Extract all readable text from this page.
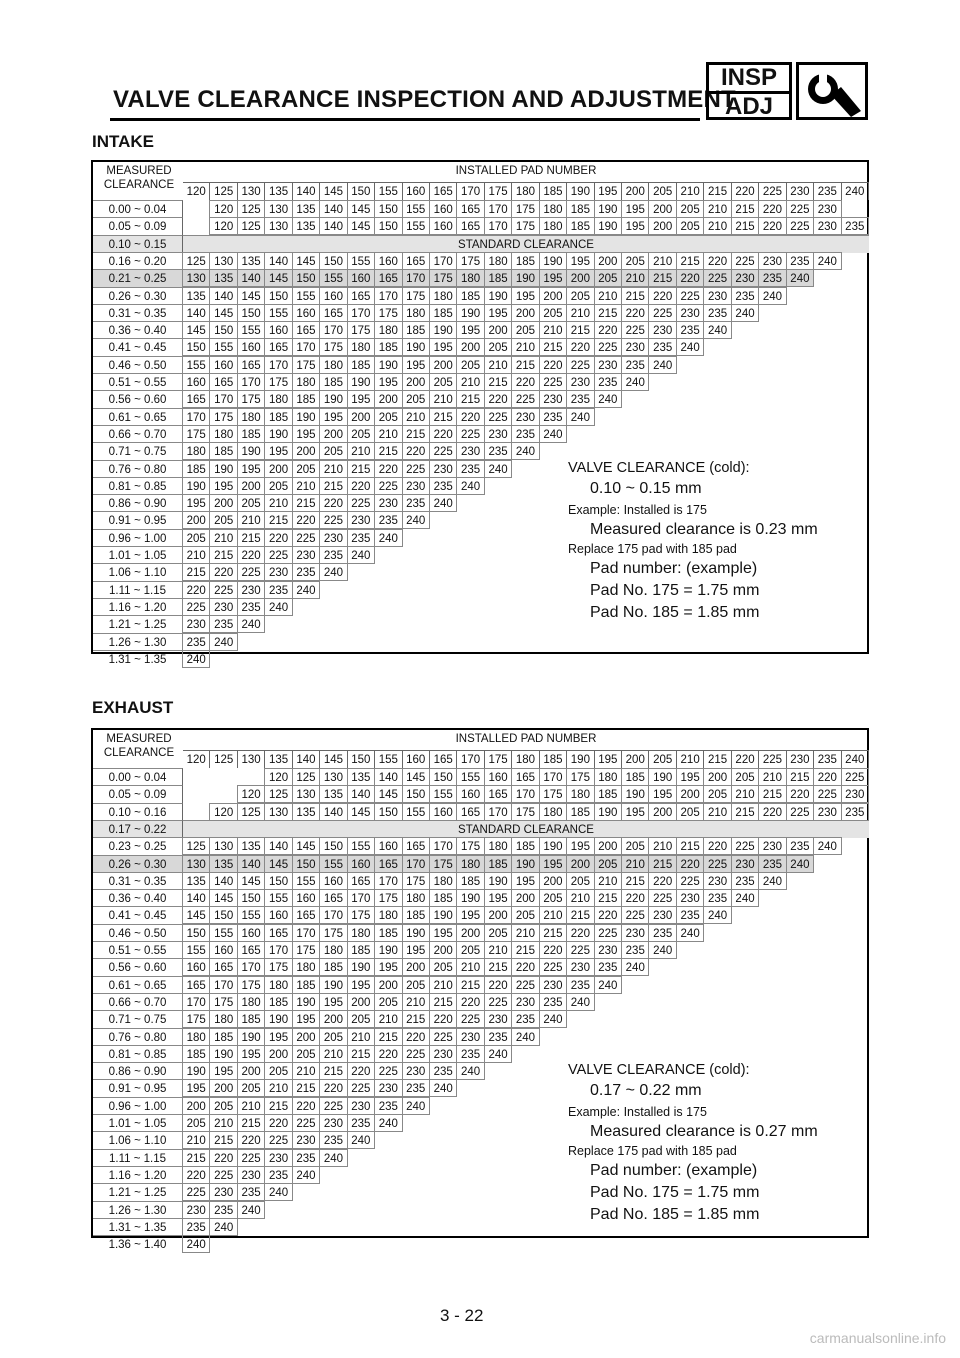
VALVE CLEARANCE INSPECTION AND ADJUSTMENT
INSP
ADJ
INTAKE
MEASURED
CLEARANCE
INSTALLED PAD NUMBER
120 125 130 135 140 145 150 155 160 165 170 175 180 185 190 195 200 205 210 215 220 225 230 235 240
0.00 ~ 0.04	120 125 130 135 140 145 150 155 160 165 170 175 180 185 190 195 200 205 210 215 220 225 230
0.05 ~ 0.09	120 125 130 135 140 145 150 155 160 165 170 175 180 185 190 195 200 205 210 215 220 225 230 235
0.10 ~ 0.15	STANDARD CLEARANCE
0.16 ~ 0.20	125 130 135 140 145 150 155 160 165 170 175 180 185 190 195 200 205 210 215 220 225 230 235 240
0.21 ~ 0.25	130 135 140 145 150 155 160 165 170 175 180 185 190 195 200 205 210 215 220 225 230 235 240
0.26 ~ 0.30	135 140 145 150 155 160 165 170 175 180 185 190 195 200 205 210 215 220 225 230 235 240
0.31 ~ 0.35	140 145 150 155 160 165 170 175 180 185 190 195 200 205 210 215 220 225 230 235 240
0.36 ~ 0.40	145 150 155 160 165 170 175 180 185 190 195 200 205 210 215 220 225 230 235 240
0.41 ~ 0.45	150 155 160 165 170 175 180 185 190 195 200 205 210 215 220 225 230 235 240
0.46 ~ 0.50	155 160 165 170 175 180 185 190 195 200 205 210 215 220 225 230 235 240
0.51 ~ 0.55	160 165 170 175 180 185 190 195 200 205 210 215 220 225 230 235 240
0.56 ~ 0.60	165 170 175 180 185 190 195 200 205 210 215 220 225 230 235 240
0.61 ~ 0.65	170 175 180 185 190 195 200 205 210 215 220 225 230 235 240
0.66 ~ 0.70	175 180 185 190 195 200 205 210 215 220 225 230 235 240
0.71 ~ 0.75	180 185 190 195 200 205 210 215 220 225 230 235 240
0.76 ~ 0.80	185 190 195 200 205 210 215 220 225 230 235 240
0.81 ~ 0.85	190 195 200 205 210 215 220 225 230 235 240
0.86 ~ 0.90	195 200 205 210 215 220 225 230 235 240
0.91 ~ 0.95	200 205 210 215 220 225 230 235 240
0.96 ~ 1.00	205 210 215 220 225 230 235 240
1.01 ~ 1.05	210 215 220 225 230 235 240
1.06 ~ 1.10	215 220 225 230 235 240
1.11 ~ 1.15	220 225 230 235 240
1.16 ~ 1.20	225 230 235 240
1.21 ~ 1.25	230 235 240
1.26 ~ 1.30	235 240
1.31 ~ 1.35	240
VALVE CLEARANCE (cold):
0.10 ~ 0.15 mm
Example: Installed is 175
Measured clearance is 0.23 mm
Replace 175 pad with 185 pad
Pad number: (example)
Pad No. 175 = 1.75 mm
Pad No. 185 = 1.85 mm
EXHAUST
MEASURED
CLEARANCE
INSTALLED PAD NUMBER
120 125 130 135 140 145 150 155 160 165 170 175 180 185 190 195 200 205 210 215 220 225 230 235 240
0.00 ~ 0.04	120 125 130 135 140 145 150 155 160 165 170 175 180 185 190 195 200 205 210 215 220 225
0.05 ~ 0.09	120 125 130 135 140 145 150 155 160 165 170 175 180 185 190 195 200 205 210 215 220 225 230
0.10 ~ 0.16	120 125 130 135 140 145 150 155 160 165 170 175 180 185 190 195 200 205 210 215 220 225 230 235
0.17 ~ 0.22	STANDARD CLEARANCE
0.23 ~ 0.25	125 130 135 140 145 150 155 160 165 170 175 180 185 190 195 200 205 210 215 220 225 230 235 240
0.26 ~ 0.30	130 135 140 145 150 155 160 165 170 175 180 185 190 195 200 205 210 215 220 225 230 235 240
0.31 ~ 0.35	135 140 145 150 155 160 165 170 175 180 185 190 195 200 205 210 215 220 225 230 235 240
0.36 ~ 0.40	140 145 150 155 160 165 170 175 180 185 190 195 200 205 210 215 220 225 230 235 240
0.41 ~ 0.45	145 150 155 160 165 170 175 180 185 190 195 200 205 210 215 220 225 230 235 240
0.46 ~ 0.50	150 155 160 165 170 175 180 185 190 195 200 205 210 215 220 225 230 235 240
0.51 ~ 0.55	155 160 165 170 175 180 185 190 195 200 205 210 215 220 225 230 235 240
0.56 ~ 0.60	160 165 170 175 180 185 190 195 200 205 210 215 220 225 230 235 240
0.61 ~ 0.65	165 170 175 180 185 190 195 200 205 210 215 220 225 230 235 240
0.66 ~ 0.70	170 175 180 185 190 195 200 205 210 215 220 225 230 235 240
0.71 ~ 0.75	175 180 185 190 195 200 205 210 215 220 225 230 235 240
0.76 ~ 0.80	180 185 190 195 200 205 210 215 220 225 230 235 240
0.81 ~ 0.85	185 190 195 200 205 210 215 220 225 230 235 240
0.86 ~ 0.90	190 195 200 205 210 215 220 225 230 235 240
0.91 ~ 0.95	195 200 205 210 215 220 225 230 235 240
0.96 ~ 1.00	200 205 210 215 220 225 230 235 240
1.01 ~ 1.05	205 210 215 220 225 230 235 240
1.06 ~ 1.10	210 215 220 225 230 235 240
1.11 ~ 1.15	215 220 225 230 235 240
1.16 ~ 1.20	220 225 230 235 240
1.21 ~ 1.25	225 230 235 240
1.26 ~ 1.30	230 235 240
1.31 ~ 1.35	235 240
1.36 ~ 1.40	240
VALVE CLEARANCE (cold):
0.17 ~ 0.22 mm
Example: Installed is 175
Measured clearance is 0.27 mm
Replace 175 pad with 185 pad
Pad number: (example)
Pad No. 175 = 1.75 mm
Pad No. 185 = 1.85 mm
3 - 22
carmanualsonline.info
